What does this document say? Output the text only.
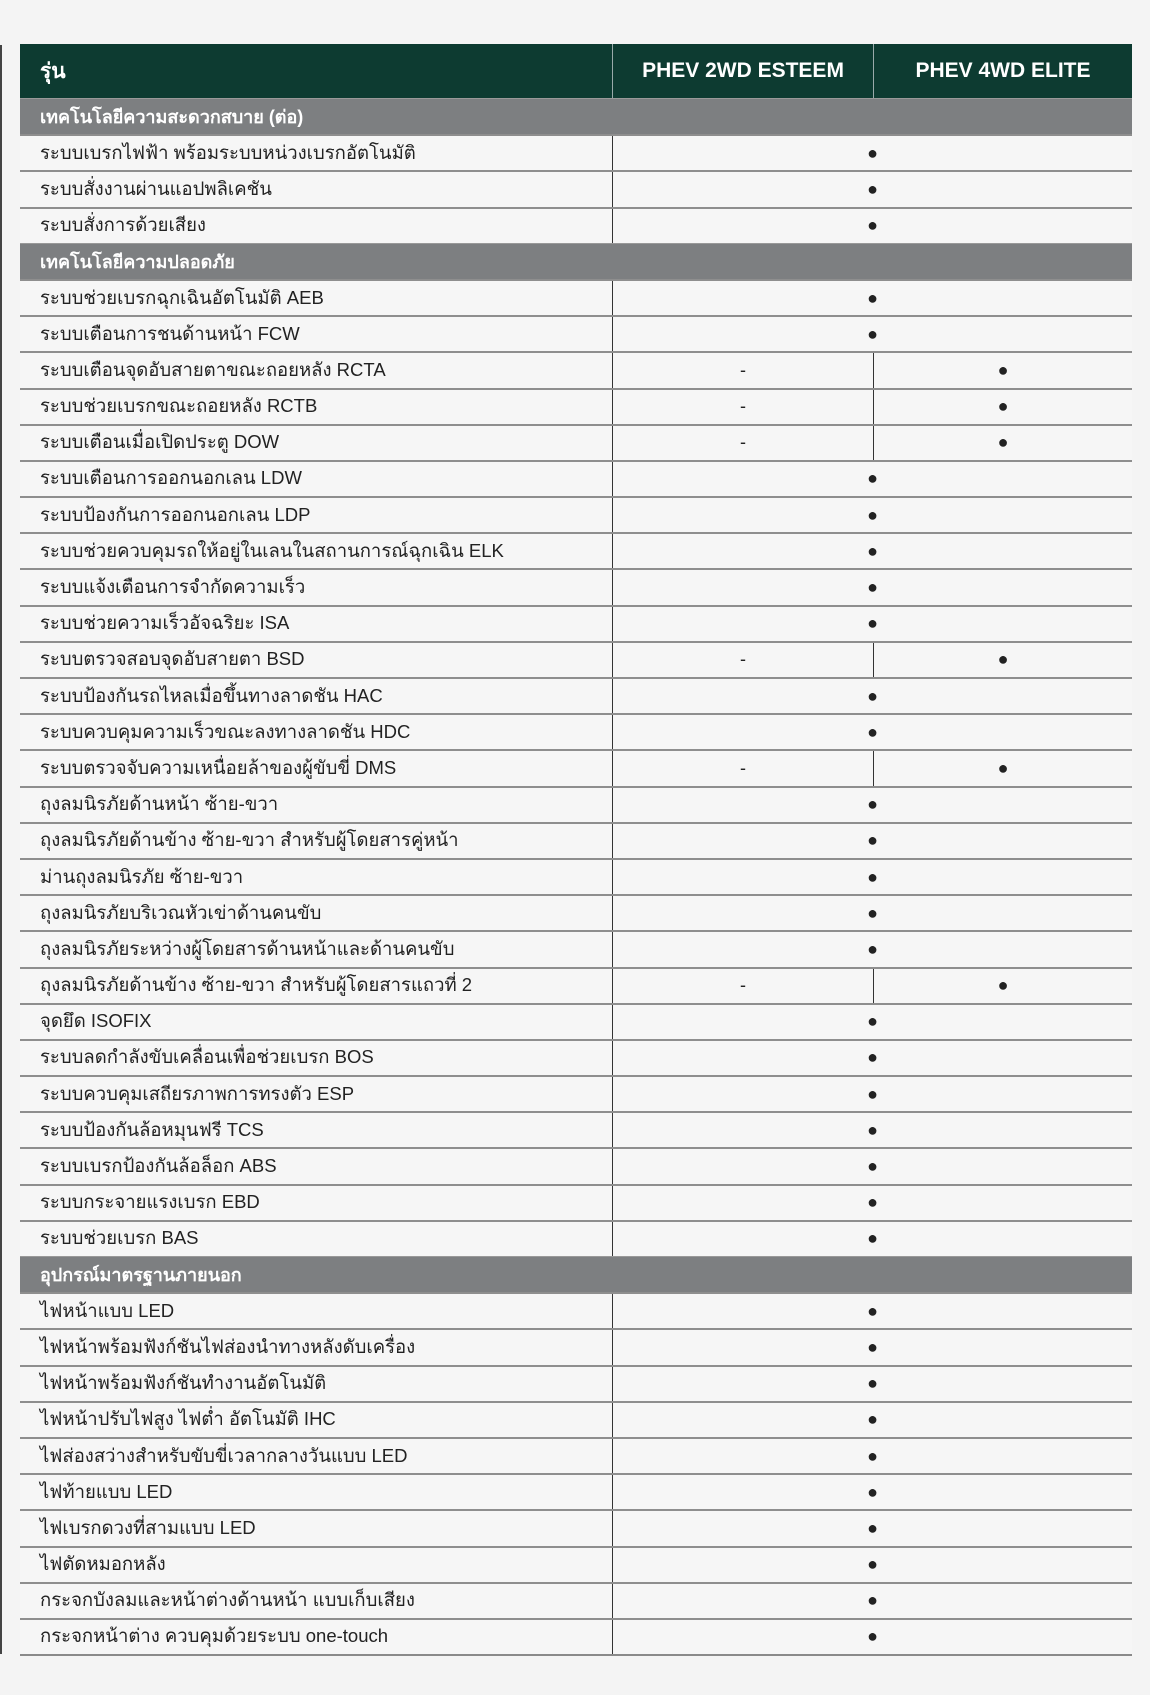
รุ่น	PHEV 2WD ESTEEM	PHEV 4WD ELITE
เทคโนโลยีความสะดวกสบาย (ต่อ)
ระบบเบรกไฟฟ้า พร้อมระบบหน่วงเบรกอัตโนมัติ	●
ระบบสั่งงานผ่านแอปพลิเคชัน	●
ระบบสั่งการด้วยเสียง	●
เทคโนโลยีความปลอดภัย
ระบบช่วยเบรกฉุกเฉินอัตโนมัติ AEB	●
ระบบเตือนการชนด้านหน้า FCW	●
ระบบเตือนจุดอับสายตาขณะถอยหลัง RCTA	-	●
ระบบช่วยเบรกขณะถอยหลัง RCTB	-	●
ระบบเตือนเมื่อเปิดประตู DOW	-	●
ระบบเตือนการออกนอกเลน LDW	●
ระบบป้องกันการออกนอกเลน LDP	●
ระบบช่วยควบคุมรถให้อยู่ในเลนในสถานการณ์ฉุกเฉิน ELK	●
ระบบแจ้งเตือนการจำกัดความเร็ว	●
ระบบช่วยความเร็วอัจฉริยะ ISA	●
ระบบตรวจสอบจุดอับสายตา BSD	-	●
ระบบป้องกันรถไหลเมื่อขึ้นทางลาดชัน HAC	●
ระบบควบคุมความเร็วขณะลงทางลาดชัน HDC	●
ระบบตรวจจับความเหนื่อยล้าของผู้ขับขี่ DMS	-	●
ถุงลมนิรภัยด้านหน้า ซ้าย-ขวา	●
ถุงลมนิรภัยด้านข้าง ซ้าย-ขวา สำหรับผู้โดยสารคู่หน้า	●
ม่านถุงลมนิรภัย ซ้าย-ขวา	●
ถุงลมนิรภัยบริเวณหัวเข่าด้านคนขับ	●
ถุงลมนิรภัยระหว่างผู้โดยสารด้านหน้าและด้านคนขับ	●
ถุงลมนิรภัยด้านข้าง ซ้าย-ขวา สำหรับผู้โดยสารแถวที่ 2	-	●
จุดยึด ISOFIX	●
ระบบลดกำลังขับเคลื่อนเพื่อช่วยเบรก BOS	●
ระบบควบคุมเสถียรภาพการทรงตัว ESP	●
ระบบป้องกันล้อหมุนฟรี TCS	●
ระบบเบรกป้องกันล้อล็อก ABS	●
ระบบกระจายแรงเบรก EBD	●
ระบบช่วยเบรก BAS	●
อุปกรณ์มาตรฐานภายนอก
ไฟหน้าแบบ LED	●
ไฟหน้าพร้อมฟังก์ชันไฟส่องนำทางหลังดับเครื่อง	●
ไฟหน้าพร้อมฟังก์ชันทำงานอัตโนมัติ	●
ไฟหน้าปรับไฟสูง ไฟต่ำ อัตโนมัติ IHC	●
ไฟส่องสว่างสำหรับขับขี่เวลากลางวันแบบ LED	●
ไฟท้ายแบบ LED	●
ไฟเบรกดวงที่สามแบบ LED	●
ไฟตัดหมอกหลัง	●
กระจกบังลมและหน้าต่างด้านหน้า แบบเก็บเสียง	●
กระจกหน้าต่าง ควบคุมด้วยระบบ one-touch	●
